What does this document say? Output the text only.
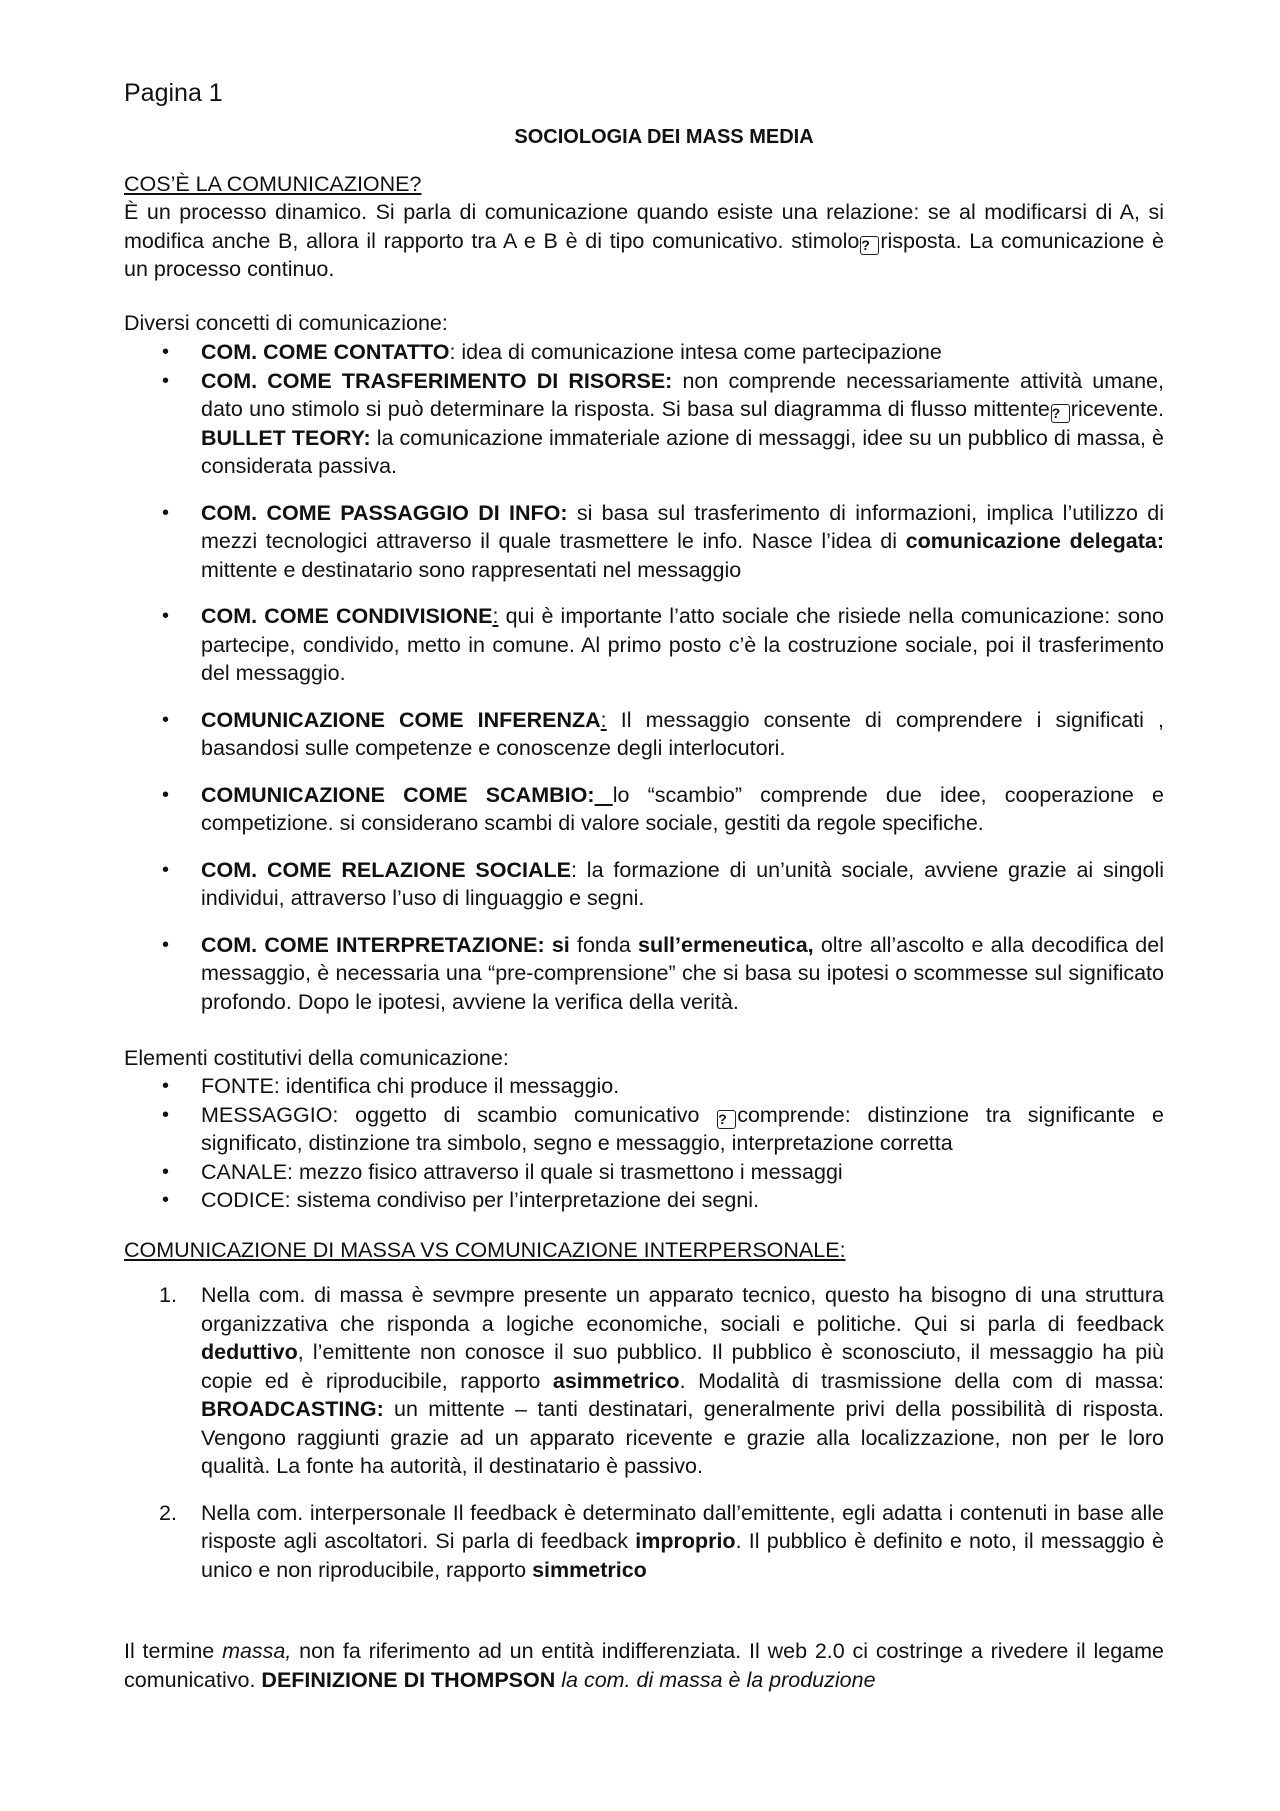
Pagina 1
SOCIOLOGIA DEI MASS MEDIA
COS’È LA COMUNICAZIONE?
È un processo dinamico. Si parla di comunicazione quando esiste una relazione: se al modificarsi di A, si modifica anche B, allora il rapporto tra A e B è di tipo comunicativo. stimolo? risposta. La comunicazione è un processo continuo.
Diversi concetti di comunicazione:
• COM. COME CONTATTO: idea di comunicazione intesa come partecipazione
• COM. COME TRASFERIMENTO DI RISORSE: non comprende necessariamente attività umane, dato uno stimolo si può determinare la risposta. Si basa sul diagramma di flusso mittente? ricevente. BULLET TEORY: la comunicazione immateriale azione di messaggi, idee su un pubblico di massa, è considerata passiva.
• COM. COME PASSAGGIO DI INFO: si basa sul trasferimento di informazioni, implica l’utilizzo di mezzi tecnologici attraverso il quale trasmettere le info. Nasce l’idea di comunicazione delegata: mittente e destinatario sono rappresentati nel messaggio
• COM. COME CONDIVISIONE: qui è importante l’atto sociale che risiede nella comunicazione: sono partecipe, condivido, metto in comune. Al primo posto c’è la costruzione sociale, poi il trasferimento del messaggio.
• COMUNICAZIONE COME INFERENZA: Il messaggio consente di comprendere i significati , basandosi sulle competenze e conoscenze degli interlocutori.
• COMUNICAZIONE COME SCAMBIO: lo “scambio” comprende due idee, cooperazione e competizione. si considerano scambi di valore sociale, gestiti da regole specifiche.
• COM. COME RELAZIONE SOCIALE: la formazione di un’unità sociale, avviene grazie ai singoli individui, attraverso l’uso di linguaggio e segni.
• COM. COME INTERPRETAZIONE: si fonda sull’ermeneutica, oltre all’ascolto e alla decodifica del messaggio, è necessaria una “pre-comprensione” che si basa su ipotesi o scommesse sul significato profondo. Dopo le ipotesi, avviene la verifica della verità.
Elementi costitutivi della comunicazione:
• FONTE: identifica chi produce il messaggio.
• MESSAGGIO: oggetto di scambio comunicativo ?comprende: distinzione tra significante e significato, distinzione tra simbolo, segno e messaggio, interpretazione corretta
• CANALE: mezzo fisico attraverso il quale si trasmettono i messaggi
• CODICE: sistema condiviso per l’interpretazione dei segni.
COMUNICAZIONE DI MASSA VS COMUNICAZIONE INTERPERSONALE:
1. Nella com. di massa è sevmpre presente un apparato tecnico, questo ha bisogno di una struttura organizzativa che risponda a logiche economiche, sociali e politiche. Qui si parla di feedback deduttivo, l’emittente non conosce il suo pubblico. Il pubblico è sconosciuto, il messaggio ha più copie ed è riproducibile, rapporto asimmetrico. Modalità di trasmissione della com di massa: BROADCASTING: un mittente – tanti destinatari, generalmente privi della possibilità di risposta. Vengono raggiunti grazie ad un apparato ricevente e grazie alla localizzazione, non per le loro qualità. La fonte ha autorità, il destinatario è passivo.
2. Nella com. interpersonale Il feedback è determinato dall’emittente, egli adatta i contenuti in base alle risposte agli ascoltatori. Si parla di feedback improprio. Il pubblico è definito e noto, il messaggio è unico e non riproducibile, rapporto simmetrico
Il termine massa, non fa riferimento ad un entità indifferenziata. Il web 2.0 ci costringe a rivedere il legame comunicativo. DEFINIZIONE DI THOMPSON la com. di massa è la produzione
